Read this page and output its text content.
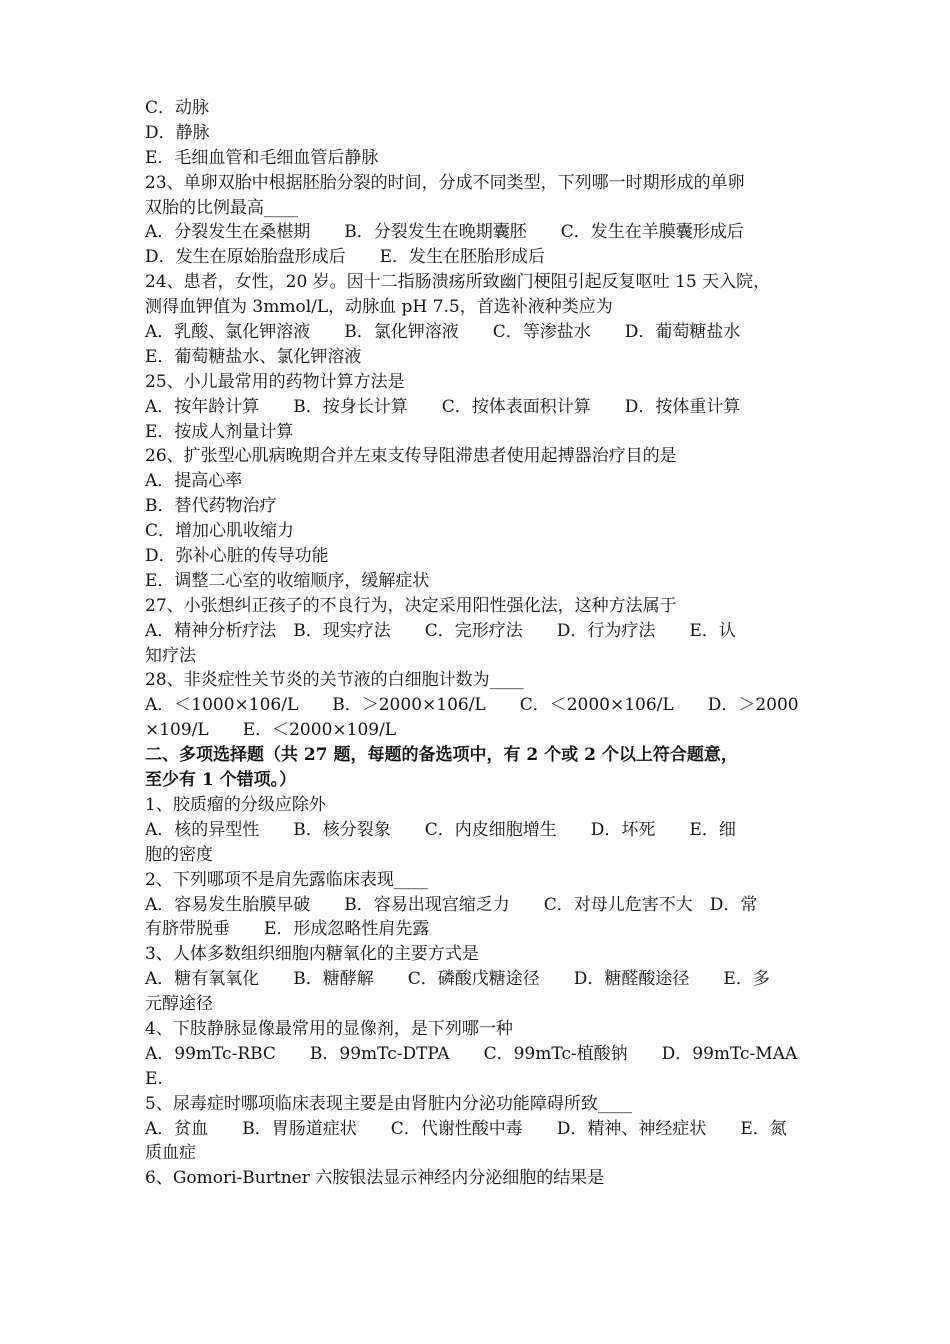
C．动脉
D．静脉
E．毛细血管和毛细血管后静脉
23、单卵双胎中根据胚胎分裂的时间，分成不同类型，下列哪一时期形成的单卵
双胎的比例最高____
A．分裂发生在桑椹期　　B．分裂发生在晚期囊胚　　C．发生在羊膜囊形成后
D．发生在原始胎盘形成后　　E．发生在胚胎形成后
24、患者，女性，20 岁。因十二指肠溃疡所致幽门梗阻引起反复呕吐 15 天入院，
测得血钾值为 3mmol/L，动脉血 pH 7.5，首选补液种类应为
A．乳酸、氯化钾溶液　　B．氯化钾溶液　　C．等渗盐水　　D．葡萄糖盐水
E．葡萄糖盐水、氯化钾溶液
25、小儿最常用的药物计算方法是
A．按年龄计算　　B．按身长计算　　C．按体表面积计算　　D．按体重计算
E．按成人剂量计算
26、扩张型心肌病晚期合并左束支传导阻滞患者使用起搏器治疗目的是
A．提高心率
B．替代药物治疗
C．增加心肌收缩力
D．弥补心脏的传导功能
E．调整二心室的收缩顺序，缓解症状
27、小张想纠正孩子的不良行为，决定采用阳性强化法，这种方法属于
A．精神分析疗法　B．现实疗法　　C．完形疗法　　D．行为疗法　　E．认
知疗法
28、非炎症性关节炎的关节液的白细胞计数为____
A．＜1000×106/L　　B．＞2000×106/L　　C．＜2000×106/L　　D．＞2000
×109/L　　E．＜2000×109/L
二、多项选择题（共 27 题，每题的备选项中，有 2 个或 2 个以上符合题意，
至少有 1 个错项。）
1、胶质瘤的分级应除外
A．核的异型性　　B．核分裂象　　C．内皮细胞增生　　D．坏死　　E．细
胞的密度
2、下列哪项不是肩先露临床表现____
A．容易发生胎膜早破　　B．容易出现宫缩乏力　　C．对母儿危害不大　D．常
有脐带脱垂　　E．形成忽略性肩先露
3、人体多数组织细胞内糖氧化的主要方式是
A．糖有氧氧化　　B．糖酵解　　C．磷酸戊糖途径　　D．糖醛酸途径　　E．多
元醇途径
4、下肢静脉显像最常用的显像剂，是下列哪一种
A．99mTc-RBC　　B．99mTc-DTPA　　C．99mTc-植酸钠　　D．99mTc-MAA
E.
5、尿毒症时哪项临床表现主要是由肾脏内分泌功能障碍所致____
A．贫血　　B．胃肠道症状　　C．代谢性酸中毒　　D．精神、神经症状　　E．氮
质血症
6、Gomori-Burtner 六胺银法显示神经内分泌细胞的结果是
